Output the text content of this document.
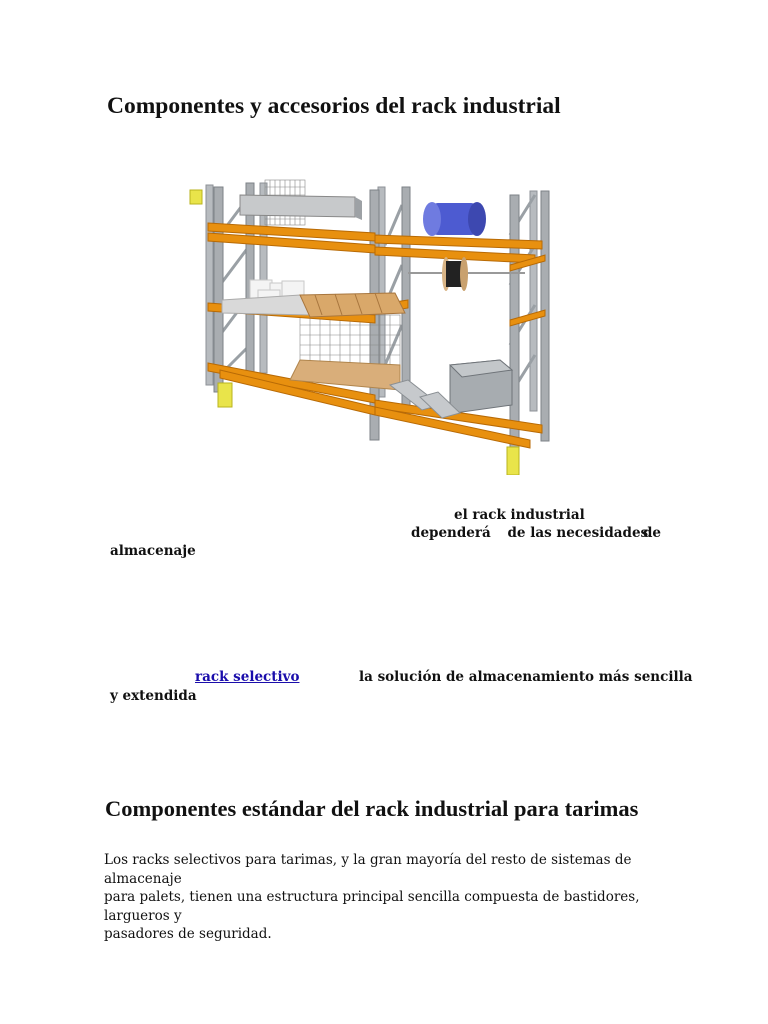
Componentes y accesorios del rack industrial
el rack industrial
dependerá de las necesidades
de
almacenaje
rack selectivo	la solución de almacenamiento más sencilla
y extendida
Componentes estándar del rack industrial para tarimas
Los racks selectivos para tarimas, y la gran mayoría del resto de sistemas de almacenaje
para palets, tienen una estructura principal sencilla compuesta de bastidores, largueros y
pasadores de seguridad.
